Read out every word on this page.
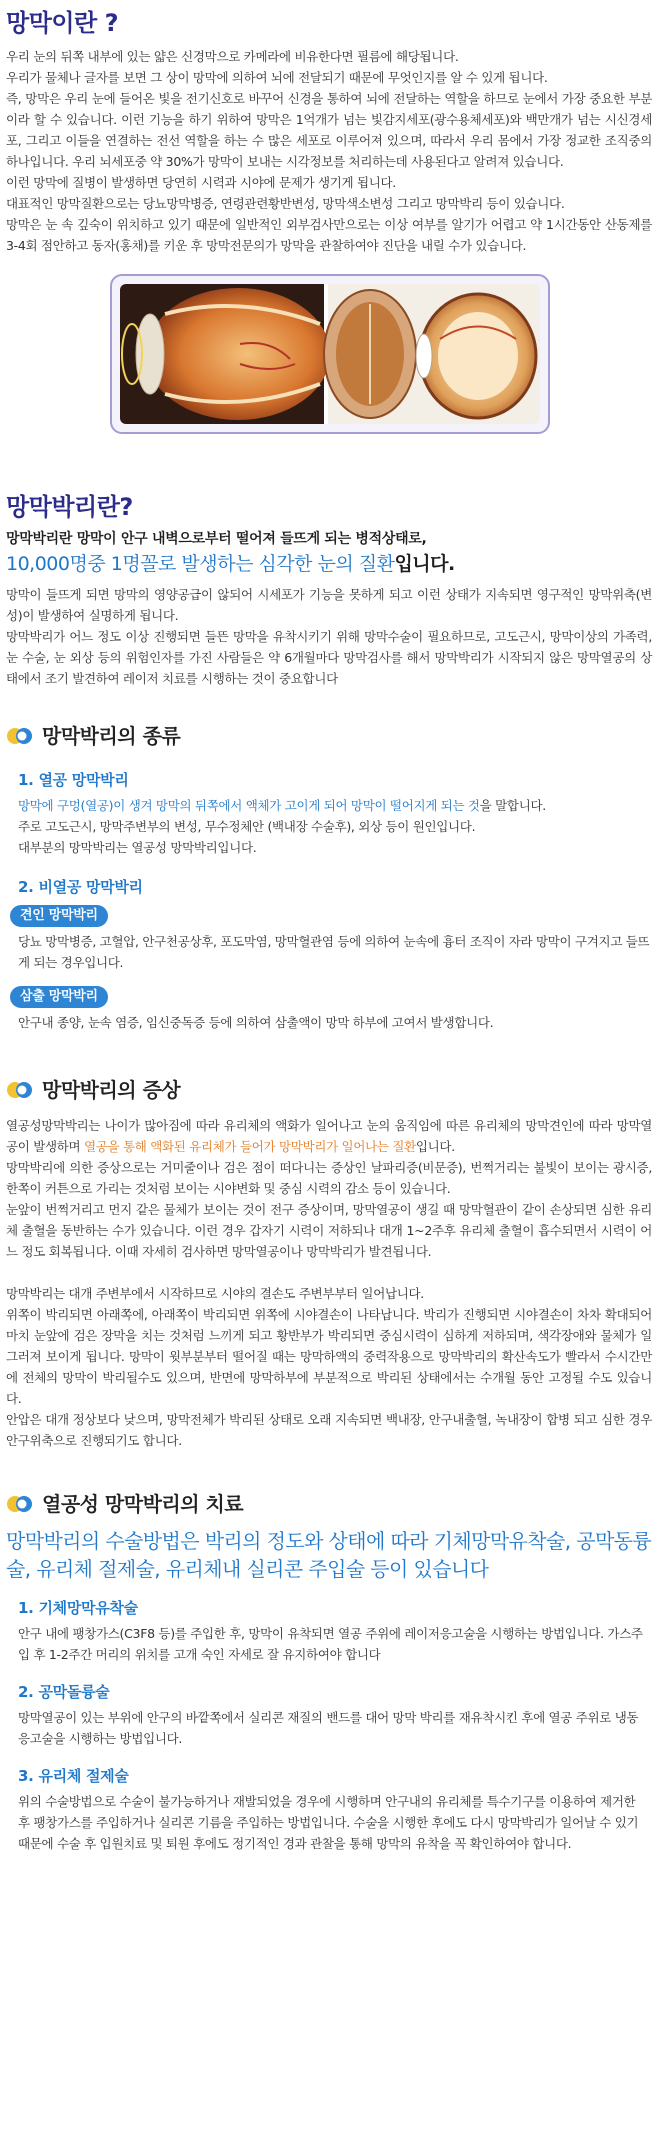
망막이란 ?

우리 눈의 뒤쪽 내부에 있는 얇은 신경막으로 카메라에 비유한다면 필름에 해당됩니다.

우리가 물체나 글자를 보면 그 상이 망막에 의하여 뇌에 전달되기 때문에 무엇인지를 알 수 있게 됩니다.

즉, 망막은 우리 눈에 들어온 빛을 전기신호로 바꾸어 신경을 통하여 뇌에 전달하는 역할을 하므로 눈에서 가장 중요한 부분이라 할 수 있습니다. 이런 기능을 하기 위하여 망막은 1억개가 넘는 빛감지세포(광수용체세포)와 백만개가 넘는 시신경세포, 그리고 이들을 연결하는 전선 역할을 하는 수 많은 세포로 이루어져 있으며, 따라서 우리 몸에서 가장 정교한 조직중의 하나입니다. 우리 뇌세포중 약 30%가 망막이 보내는 시각정보를 처리하는데 사용된다고 알려져 있습니다.

이런 망막에 질병이 발생하면 당연히 시력과 시야에 문제가 생기게 됩니다.

대표적인 망막질환으로는 당뇨망막병증, 연령관련황반변성, 망막색소변성 그리고 망막박리 등이 있습니다.

망막은 눈 속 깊숙이 위치하고 있기 때문에 일반적인 외부검사만으로는 이상 여부를 알기가 어렵고 약 1시간동안 산동제를 3-4회 점안하고 동자(홍채)를 키운 후 망막전문의가 망막을 관찰하여야 진단을 내릴 수가 있습니다.

망막박리란?
망막박리란 망막이 안구 내벽으로부터 떨어져 들뜨게 되는 병적상태로,
10,000명중 1명꼴로 발생하는 심각한 눈의 질환입니다.

망막이 들뜨게 되면 망막의 영양공급이 않되어 시세포가 기능을 못하게 되고 이런 상태가 지속되면 영구적인 망막위축(변성)이 발생하여 실명하게 됩니다.

망막박리가 어느 정도 이상 진행되면 들뜬 망막을 유착시키기 위해 망막수술이 필요하므로, 고도근시, 망막이상의 가족력, 눈 수술, 눈 외상 등의 위험인자를 가진 사람들은 약 6개월마다 망막검사를 해서 망막박리가 시작되지 않은 망막열공의 상태에서 조기 발견하여 레이저 치료를 시행하는 것이 중요합니다

망막박리의 종류
1. 열공 망막박리

망막에 구멍(열공)이 생겨 망막의 뒤쪽에서 액체가 고이게 되어 망막이 떨어지게 되는 것을 말합니다.

주로 고도근시, 망막주변부의 변성, 무수정체안 (백내장 수술후), 외상 등이 원인입니다.

대부분의 망막박리는 열공성 망막박리입니다.

2. 비열공 망막박리
견인 망막박리
당뇨 망막병증, 고혈압, 안구천공상후, 포도막염, 망막혈관염 등에 의하여 눈속에 흉터 조직이 자라 망막이 구겨지고 들뜨게 되는 경우입니다.
삼출 망막박리
안구내 종양, 눈속 염증, 임신중독증 등에 의하여 삼출액이 망막 하부에 고여서 발생합니다.
망막박리의 증상

열공성망막박리는 나이가 많아짐에 따라 유리체의 액화가 일어나고 눈의 움직임에 따른 유리체의 망막견인에 따라 망막열공이 발생하며 열공을 통해 액화된 유리체가 들어가 망막박리가 일어나는 질환입니다.

망막박리에 의한 증상으로는 거미줄이나 검은 점이 떠다니는 증상인 날파리증(비문증), 번쩍거리는 불빛이 보이는 광시증, 한쪽이 커튼으로 가리는 것처럼 보이는 시야변화 및 중심 시력의 감소 등이 있습니다.

눈앞이 번쩍거리고 먼지 같은 물체가 보이는 것이 전구 증상이며, 망막열공이 생길 때 망막혈관이 같이 손상되면 심한 유리체 출혈을 동반하는 수가 있습니다. 이런 경우 갑자기 시력이 저하되나 대개 1~2주후 유리체 출혈이 흡수되면서 시력이 어느 정도 회복됩니다. 이때 자세히 검사하면 망막열공이나 망막박리가 발견됩니다.

망막박리는 대개 주변부에서 시작하므로 시야의 결손도 주변부부터 일어납니다.

위쪽이 박리되면 아래쪽에, 아래쪽이 박리되면 위쪽에 시야결손이 나타납니다. 박리가 진행되면 시야결손이 차차 확대되어 마치 눈앞에 검은 장막을 치는 것처럼 느끼게 되고 황반부가 박리되면 중심시력이 심하게 저하되며, 색각장애와 물체가 일그러져 보이게 됩니다. 망막이 윗부분부터 떨어질 때는 망막하액의 중력작용으로 망막박리의 확산속도가 빨라서 수시간만에 전체의 망막이 박리될수도 있으며, 반면에 망막하부에 부분적으로 박리된 상태에서는 수개월 동안 고정될 수도 있습니다.

안압은 대개 정상보다 낮으며, 망막전체가 박리된 상태로 오래 지속되면 백내장, 안구내출혈, 녹내장이 합병 되고 심한 경우 안구위축으로 진행되기도 합니다.

열공성 망막박리의 치료
망막박리의 수술방법은 박리의 정도와 상태에 따라 기체망막유착술, 공막동륭술, 유리체 절제술, 유리체내 실리콘 주입술 등이 있습니다
1. 기체망막유착술
안구 내에 팽창가스(C3F8 등)를 주입한 후, 망막이 유착되면 열공 주위에 레이저응고술을 시행하는 방법입니다. 가스주입 후 1-2주간 머리의 위치를 고개 숙인 자세로 잘 유지하여야 합니다
2. 공막돌륭술
망막열공이 있는 부위에 안구의 바깥쪽에서 실리콘 재질의 밴드를 대어 망막 박리를 재유착시킨 후에 열공 주위로 냉동응고술을 시행하는 방법입니다.
3. 유리체 절제술
위의 수술방법으로 수술이 불가능하거나 재발되었을 경우에 시행하며 안구내의 유리체를 특수기구를 이용하여 제거한 후 팽창가스를 주입하거나 실리콘 기름을 주입하는 방법입니다. 수술을 시행한 후에도 다시 망막박리가 일어날 수 있기 때문에 수술 후 입원치료 및 퇴원 후에도 정기적인 경과 관찰을 통해 망막의 유착을 꼭 확인하여야 합니다.
